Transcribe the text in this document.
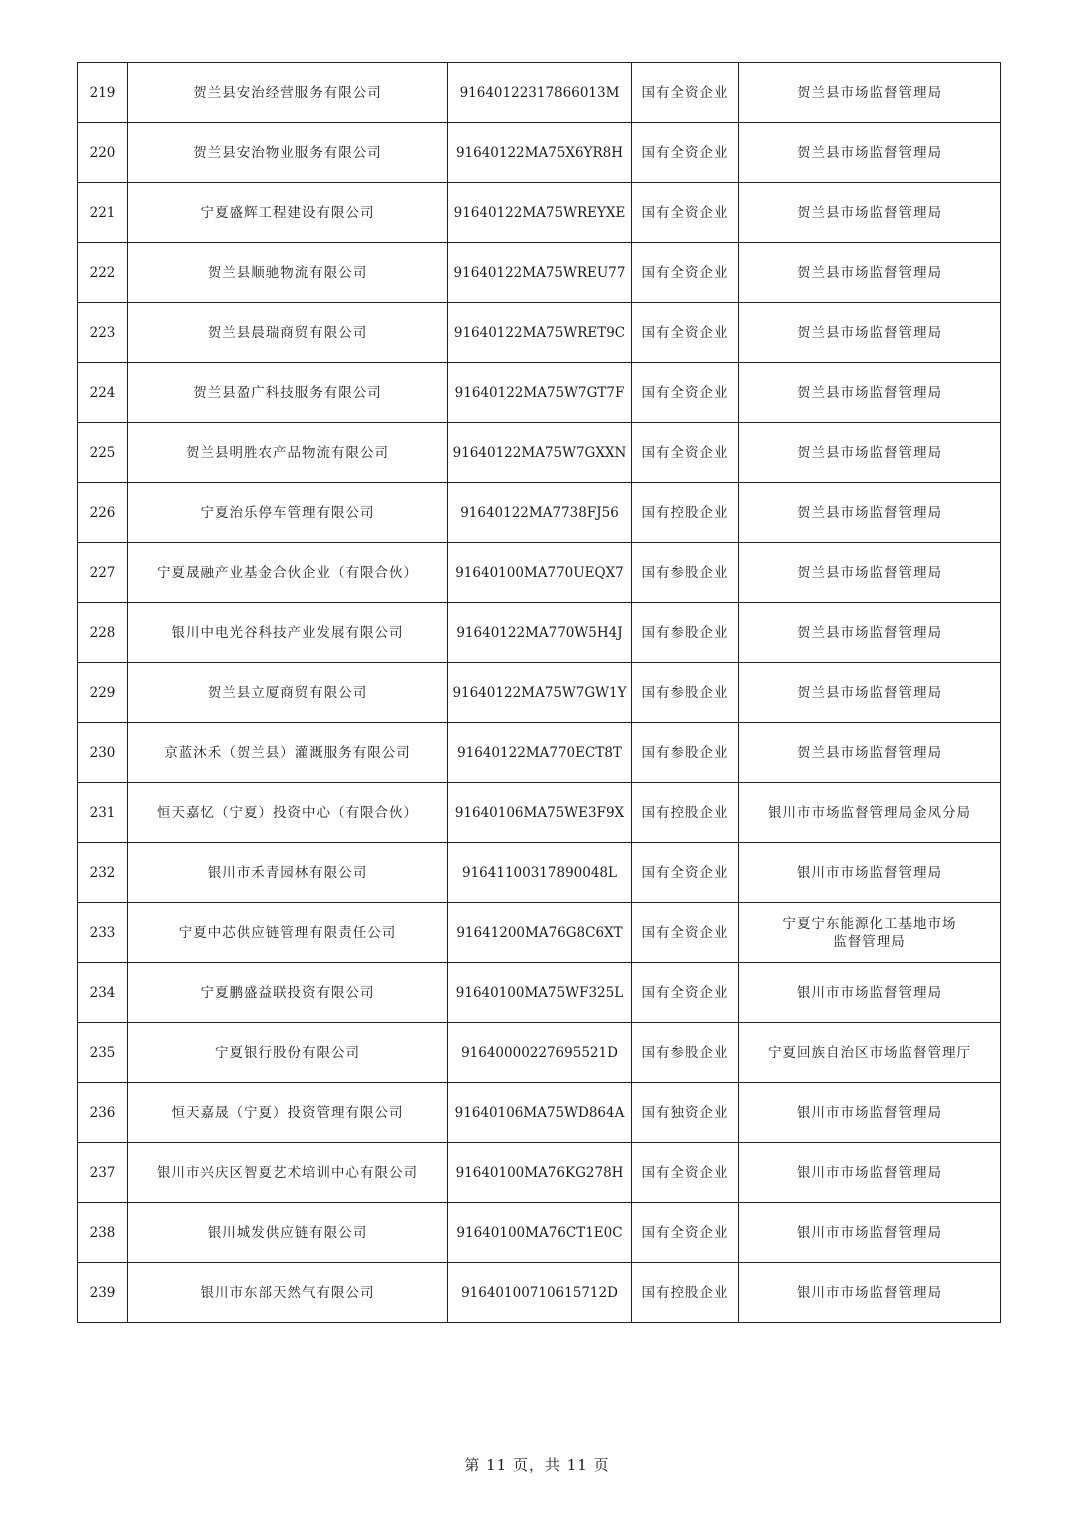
219	贺兰县安治经营服务有限公司	91640122317866013M	国有全资企业	贺兰县市场监督管理局

220	贺兰县安治物业服务有限公司	91640122MA75X6YR8H	国有全资企业	贺兰县市场监督管理局

221	宁夏盛辉工程建设有限公司	91640122MA75WREYXE	国有全资企业	贺兰县市场监督管理局

222	贺兰县顺驰物流有限公司	91640122MA75WREU77	国有全资企业	贺兰县市场监督管理局

223	贺兰县晨瑞商贸有限公司	91640122MA75WRET9C	国有全资企业	贺兰县市场监督管理局

224	贺兰县盈广科技服务有限公司	91640122MA75W7GT7F	国有全资企业	贺兰县市场监督管理局

225	贺兰县明胜农产品物流有限公司	91640122MA75W7GXXN	国有全资企业	贺兰县市场监督管理局

226	宁夏治乐停车管理有限公司	91640122MA7738FJ56	国有控股企业	贺兰县市场监督管理局

227	宁夏晟融产业基金合伙企业（有限合伙）	91640100MA770UEQX7	国有参股企业	贺兰县市场监督管理局

228	银川中电光谷科技产业发展有限公司	91640122MA770W5H4J	国有参股企业	贺兰县市场监督管理局

229	贺兰县立厦商贸有限公司	91640122MA75W7GW1Y	国有参股企业	贺兰县市场监督管理局

230	京蓝沐禾（贺兰县）灌溉服务有限公司	91640122MA770ECT8T	国有参股企业	贺兰县市场监督管理局

231	恒天嘉忆（宁夏）投资中心（有限合伙）	91640106MA75WE3F9X	国有控股企业	银川市市场监督管理局金凤分局

232	银川市禾青园林有限公司	91641100317890048L	国有全资企业	银川市市场监督管理局

233	宁夏中芯供应链管理有限责任公司	91641200MA76G8C6XT	国有全资企业	宁夏宁东能源化工基地市场
监督管理局

234	宁夏鹏盛益联投资有限公司	91640100MA75WF325L	国有全资企业	银川市市场监督管理局

235	宁夏银行股份有限公司	91640000227695521D	国有参股企业	宁夏回族自治区市场监督管理厅

236	恒天嘉晟（宁夏）投资管理有限公司	91640106MA75WD864A	国有独资企业	银川市市场监督管理局

237	银川市兴庆区智夏艺术培训中心有限公司	91640100MA76KG278H	国有全资企业	银川市市场监督管理局

238	银川城发供应链有限公司	91640100MA76CT1E0C	国有全资企业	银川市市场监督管理局

239	银川市东部天然气有限公司	91640100710615712D	国有控股企业	银川市市场监督管理局
第 11 页，共 11 页
